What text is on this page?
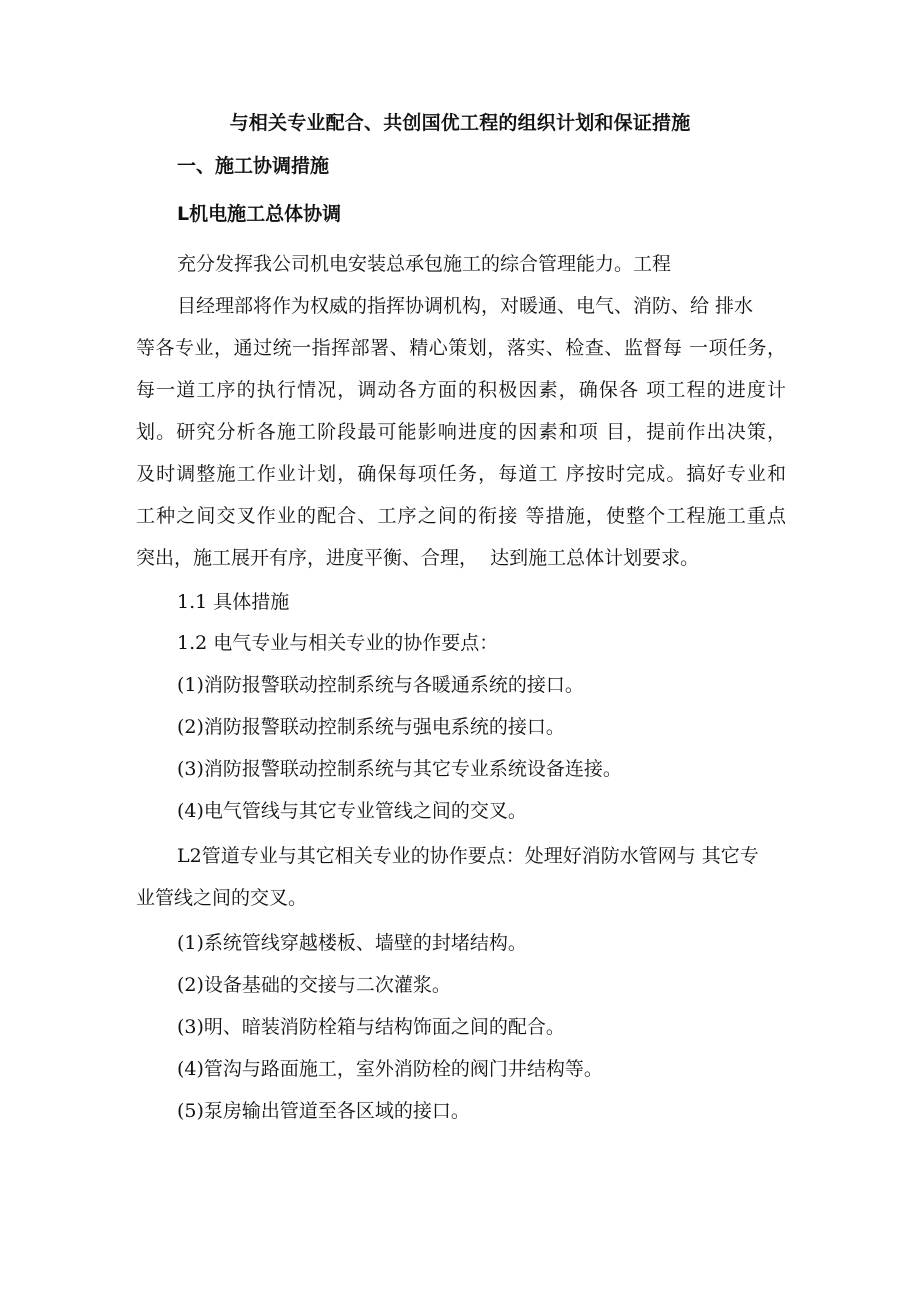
与相关专业配合、共创国优工程的组织计划和保证措施
一、施工协调措施
L机电施工总体协调
充分发挥我公司机电安装总承包施工的综合管理能力。工程
目经理部将作为权威的指挥协调机构，对暖通、电气、消防、给 排水
等各专业，通过统一指挥部署、精心策划，落实、检查、监督每 一项任务，
每一道工序的执行情况，调动各方面的积极因素，确保各 项工程的进度计
划。研究分析各施工阶段最可能影响进度的因素和项 目，提前作出决策，
及时调整施工作业计划，确保每项任务，每道工 序按时完成。搞好专业和
工种之间交叉作业的配合、工序之间的衔接 等措施，使整个工程施工重点
突出，施工展开有序，进度平衡、合理，  达到施工总体计划要求。
1.1 具体措施
1.2 电气专业与相关专业的协作要点：
(1)消防报警联动控制系统与各暖通系统的接口。
(2)消防报警联动控制系统与强电系统的接口。
(3)消防报警联动控制系统与其它专业系统设备连接。
(4)电气管线与其它专业管线之间的交叉。
L2管道专业与其它相关专业的协作要点：处理好消防水管网与 其它专
业管线之间的交叉。
(1)系统管线穿越楼板、墙壁的封堵结构。
(2)设备基础的交接与二次灌浆。
(3)明、暗装消防栓箱与结构饰面之间的配合。
(4)管沟与路面施工，室外消防栓的阀门井结构等。
(5)泵房输出管道至各区域的接口。
